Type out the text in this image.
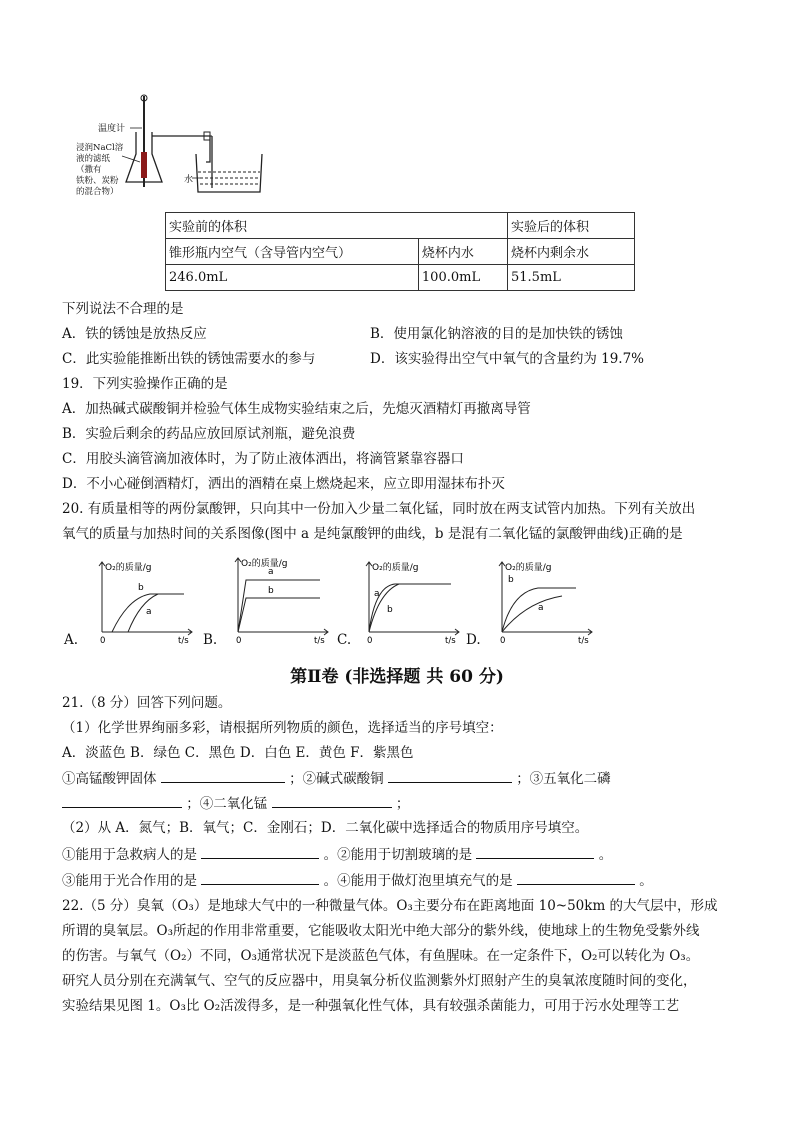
温度计
浸润NaCl溶
液的滤纸
（撒有
铁粉、炭粉
的混合物）
水
实验前的体积		实验后的体积
锥形瓶内空气（含导管内空气）	烧杯内水	烧杯内剩余水
246.0mL	100.0mL	51.5mL
下列说法不合理的是
A．铁的锈蚀是放热反应	B．使用氯化钠溶液的目的是加快铁的锈蚀
C．此实验能推断出铁的锈蚀需要水的参与	D．该实验得出空气中氧气的含量约为 19.7%
19．下列实验操作正确的是
A．加热碱式碳酸铜并检验气体生成物实验结束之后，先熄灭酒精灯再撤离导管
B．实验后剩余的药品应放回原试剂瓶，避免浪费
C．用胶头滴管滴加液体时，为了防止液体洒出，将滴管紧靠容器口
D．不小心碰倒酒精灯，洒出的酒精在桌上燃烧起来，应立即用湿抹布扑灭
20. 有质量相等的两份氯酸钾，只向其中一份加入少量二氧化锰，同时放在两支试管内加热。下列有关放出
氧气的质量与加热时间的关系图像(图中 a 是纯氯酸钾的曲线，b 是混有二氧化锰的氯酸钾曲线)正确的是
A.	B.	C.	D.
O₂的质量/g
t/s
0
b
a
O₂的质量/g
t/s
0
a
b
O₂的质量/g
t/s
0
a
b
O₂的质量/g
t/s
0
b
a
第Ⅱ卷 (非选择题 共 60 分)
21.（8 分）回答下列问题。
（1）化学世界绚丽多彩，请根据所列物质的颜色，选择适当的序号填空：
A．淡蓝色 B．绿色 C．黑色 D．白色 E．黄色 F．紫黑色
①高锰酸钾固体	；②碱式碳酸铜	；③五氧化二磷
；④二氧化锰	；
（2）从 A．氮气；B．氧气；C．金刚石；D．二氧化碳中选择适合的物质用序号填空。
①能用于急救病人的是	。②能用于切割玻璃的是	。
③能用于光合作用的是	。④能用于做灯泡里填充气的是	。
22.（5 分）臭氧（O₃）是地球大气中的一种微量气体。O₃主要分布在距离地面 10~50km 的大气层中，形成
所谓的臭氧层。O₃所起的作用非常重要，它能吸收太阳光中绝大部分的紫外线，使地球上的生物免受紫外线
的伤害。与氧气（O₂）不同，O₃通常状况下是淡蓝色气体，有鱼腥味。在一定条件下，O₂可以转化为 O₃。
研究人员分别在充满氧气、空气的反应器中，用臭氧分析仪监测紫外灯照射产生的臭氧浓度随时间的变化，
实验结果见图 1。O₃比 O₂活泼得多，是一种强氧化性气体，具有较强杀菌能力，可用于污水处理等工艺
